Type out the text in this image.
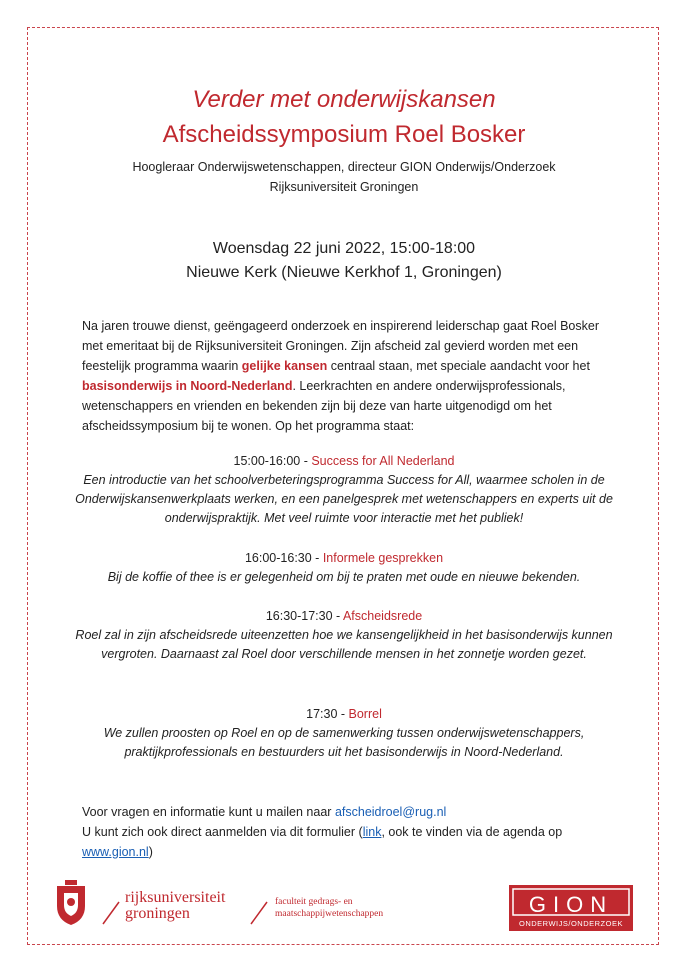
Verder met onderwijskansen
Afscheidssymposium Roel Bosker
Hoogleraar Onderwijswetenschappen, directeur GION Onderwijs/Onderzoek
Rijksuniversiteit Groningen
Woensdag 22 juni 2022, 15:00-18:00
Nieuwe Kerk (Nieuwe Kerkhof 1, Groningen)
Na jaren trouwe dienst, geëngageerd onderzoek en inspirerend leiderschap gaat Roel Bosker met emeritaat bij de Rijksuniversiteit Groningen. Zijn afscheid zal gevierd worden met een feestelijk programma waarin gelijke kansen centraal staan, met speciale aandacht voor het basisonderwijs in Noord-Nederland. Leerkrachten en andere onderwijsprofessionals, wetenschappers en vrienden en bekenden zijn bij deze van harte uitgenodigd om het afscheidssymposium bij te wonen. Op het programma staat:
15:00-16:00 - Success for All Nederland
Een introductie van het schoolverbeteringsprogramma Success for All, waarmee scholen in de Onderwijskansenwerkplaats werken, en een panelgesprek met wetenschappers en experts uit de onderwijspraktijk. Met veel ruimte voor interactie met het publiek!
16:00-16:30 - Informele gesprekken
Bij de koffie of thee is er gelegenheid om bij te praten met oude en nieuwe bekenden.
16:30-17:30 - Afscheidsrede
Roel zal in zijn afscheidsrede uiteenzetten hoe we kansengelijkheid in het basisonderwijs kunnen vergroten. Daarnaast zal Roel door verschillende mensen in het zonnetje worden gezet.
17:30 - Borrel
We zullen proosten op Roel en op de samenwerking tussen onderwijswetenschappers, praktijkprofessionals en bestuurders uit het basisonderwijs in Noord-Nederland.
Voor vragen en informatie kunt u mailen naar afscheidroel@rug.nl
U kunt zich ook direct aanmelden via dit formulier (link, ook te vinden via de agenda op
www.gion.nl)
rijksuniversiteit
groningen
faculteit gedrags- en
maatschappijwetenschappen	GION
ONDERWIJS/ONDERZOEK
